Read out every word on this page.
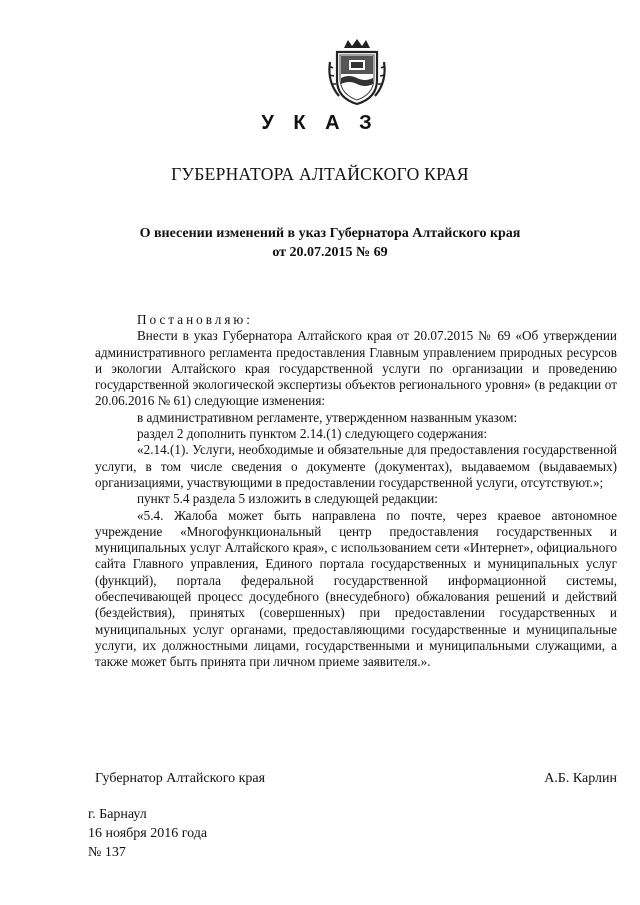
У К А З
ГУБЕРНАТОРА АЛТАЙСКОГО КРАЯ
О внесении изменений в указ Губернатора Алтайского края
от 20.07.2015 № 69

Постановляю:

Внести в указ Губернатора Алтайского края от 20.07.2015 № 69 «Об утверждении административного регламента предоставления Главным управлением природных ресурсов и экологии Алтайского края государственной услуги по организации и проведению государственной экологической экспертизы объектов регионального уровня» (в редакции от 20.06.2016 № 61) следующие изменения:

в административном регламенте, утвержденном названным указом:

раздел 2 дополнить пунктом 2.14.(1) следующего содержания:

«2.14.(1). Услуги, необходимые и обязательные для предоставления государственной услуги, в том числе сведения о документе (документах), выдаваемом (выдаваемых) организациями, участвующими в предоставлении государственной услуги, отсутствуют.»;

пункт 5.4 раздела 5 изложить в следующей редакции:

«5.4. Жалоба может быть направлена по почте, через краевое автономное учреждение «Многофункциональный центр предоставления государственных и муниципальных услуг Алтайского края», с использованием сети «Интернет», официального сайта Главного управления, Единого портала государственных и муниципальных услуг (функций), портала федеральной государственной информационной системы, обеспечивающей процесс досудебного (внесудебного) обжалования решений и действий (бездействия), принятых (совершенных) при предоставлении государственных и муниципальных услуг органами, предоставляющими государственные и муниципальные услуги, их должностными лицами, государственными и муниципальными служащими, а также может быть принята при личном приеме заявителя.».

Губернатор Алтайского края	А.Б. Карлин
г. Барнаул
16 ноября 2016 года
№ 137
